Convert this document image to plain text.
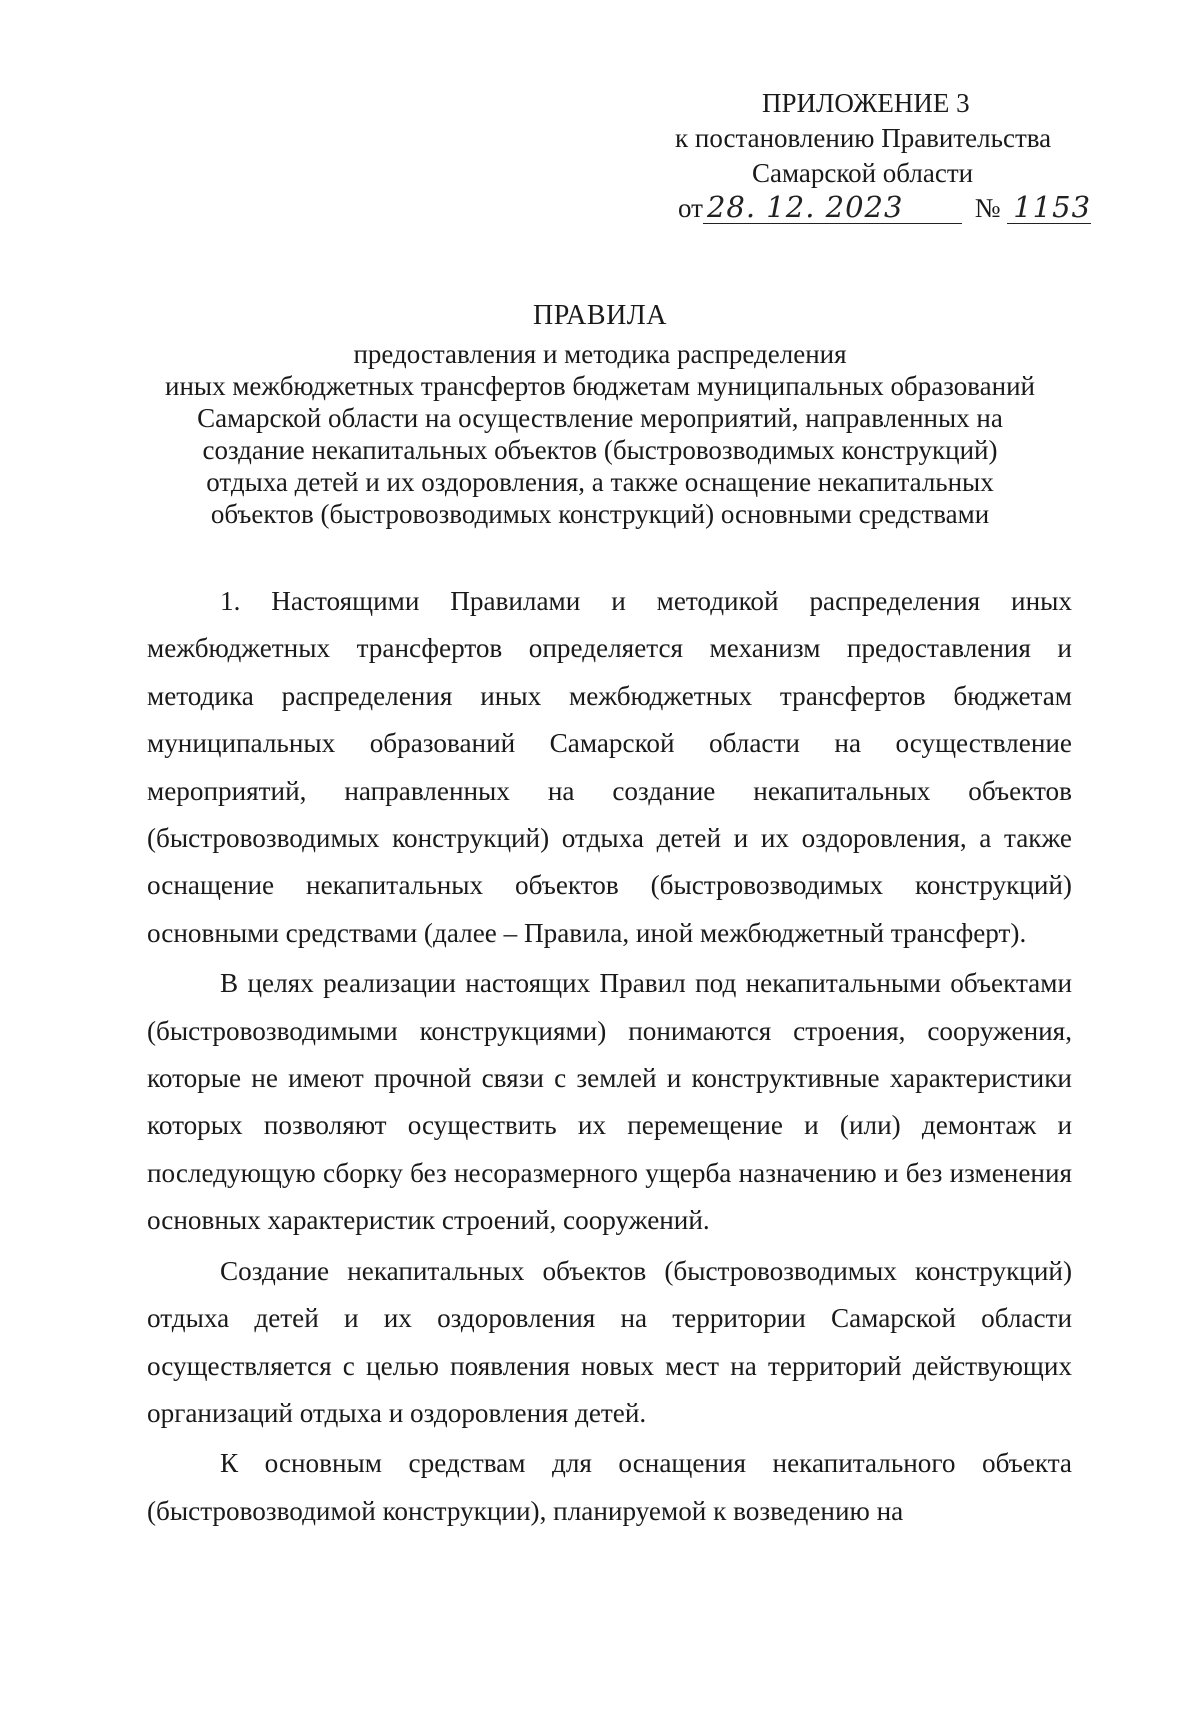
ПРИЛОЖЕНИЕ 3
к постановлению Правительства
Самарской области
от 28. 12. 2023	№ 1153
ПРАВИЛА
предоставления и методика распределения
иных межбюджетных трансфертов бюджетам муниципальных образований
Самарской области на осуществление мероприятий, направленных на
создание некапитальных объектов (быстровозводимых конструкций)
отдыха детей и их оздоровления, а также оснащение некапитальных
объектов (быстровозводимых конструкций) основными средствами

1. Настоящими Правилами и методикой распределения иных межбюджетных трансфертов определяется механизм предоставления и методика распределения иных межбюджетных трансфертов бюджетам муниципальных образований Самарской области на осуществление мероприятий, направленных на создание некапитальных объектов (быстровозводимых конструкций) отдыха детей и их оздоровления, а также оснащение некапитальных объектов (быстровозводимых конструкций) основными средствами (далее – Правила, иной межбюджетный трансферт).

В целях реализации настоящих Правил под некапитальными объектами (быстровозводимыми конструкциями) понимаются строения, сооружения, которые не имеют прочной связи с землей и конструктивные характеристики которых позволяют осуществить их перемещение и (или) демонтаж и последующую сборку без несоразмерного ущерба назначению и без изменения основных характеристик строений, сооружений.

Создание некапитальных объектов (быстровозводимых конструкций) отдыха детей и их оздоровления на территории Самарской области осуществляется с целью появления новых мест на территорий действующих организаций отдыха и оздоровления детей.

К основным средствам для оснащения некапитального объекта (быстровозводимой конструкции), планируемой к возведению на
